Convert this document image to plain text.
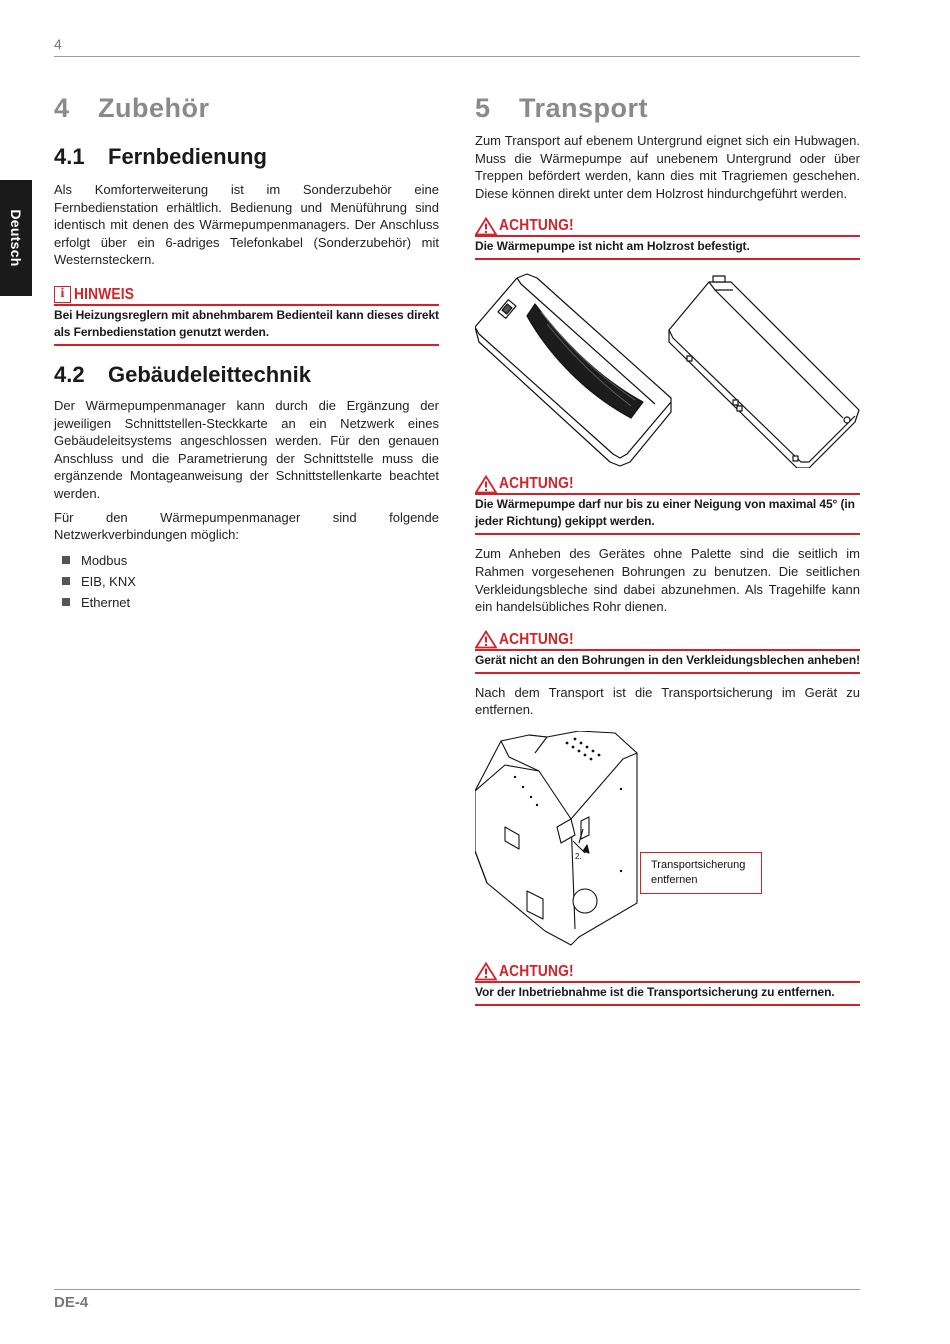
4
Deutsch
4 Zubehör
4.1 Fernbedienung

Als Komforterweiterung ist im Sonderzubehör eine Fernbedienstation erhältlich. Bedienung und Menüführung sind identisch mit denen des Wärmepumpenmanagers. Der Anschluss erfolgt über ein 6-adriges Telefonkabel (Sonderzubehör) mit Westernsteckern.

i HINWEIS
Bei Heizungsreglern mit abnehmbarem Bedienteil kann dieses direkt als Fernbedienstation genutzt werden.
4.2 Gebäudeleittechnik

Der Wärmepumpenmanager kann durch die Ergänzung der jeweiligen Schnittstellen-Steckkarte an ein Netzwerk eines Gebäudeleitsystems angeschlossen werden. Für den genauen Anschluss und die Parametrierung der Schnittstelle muss die ergänzende Montageanweisung der Schnittstellenkarte beachtet werden.

Für den Wärmepumpenmanager sind folgende Netzwerkverbindungen möglich:

Modbus
EIB, KNX
Ethernet
5 Transport

Zum Transport auf ebenem Untergrund eignet sich ein Hubwagen. Muss die Wärmepumpe auf unebenem Untergrund oder über Treppen befördert werden, kann dies mit Tragriemen geschehen. Diese können direkt unter dem Holzrost hindurchgeführt werden.

ACHTUNG!
Die Wärmepumpe ist nicht am Holzrost befestigt.
ACHTUNG!
Die Wärmepumpe darf nur bis zu einer Neigung von maximal 45° (in jeder Richtung) gekippt werden.

Zum Anheben des Gerätes ohne Palette sind die seitlich im Rahmen vorgesehenen Bohrungen zu benutzen. Die seitlichen Verkleidungsbleche sind dabei abzunehmen. Als Tragehilfe kann ein handelsübliches Rohr dienen.

ACHTUNG!
Gerät nicht an den Bohrungen in den Verkleidungsblechen anheben!

Nach dem Transport ist die Transportsicherung im Gerät zu entfernen.

2.
Transportsicherung
entfernen
ACHTUNG!
Vor der Inbetriebnahme ist die Transportsicherung zu entfernen.
DE-4
